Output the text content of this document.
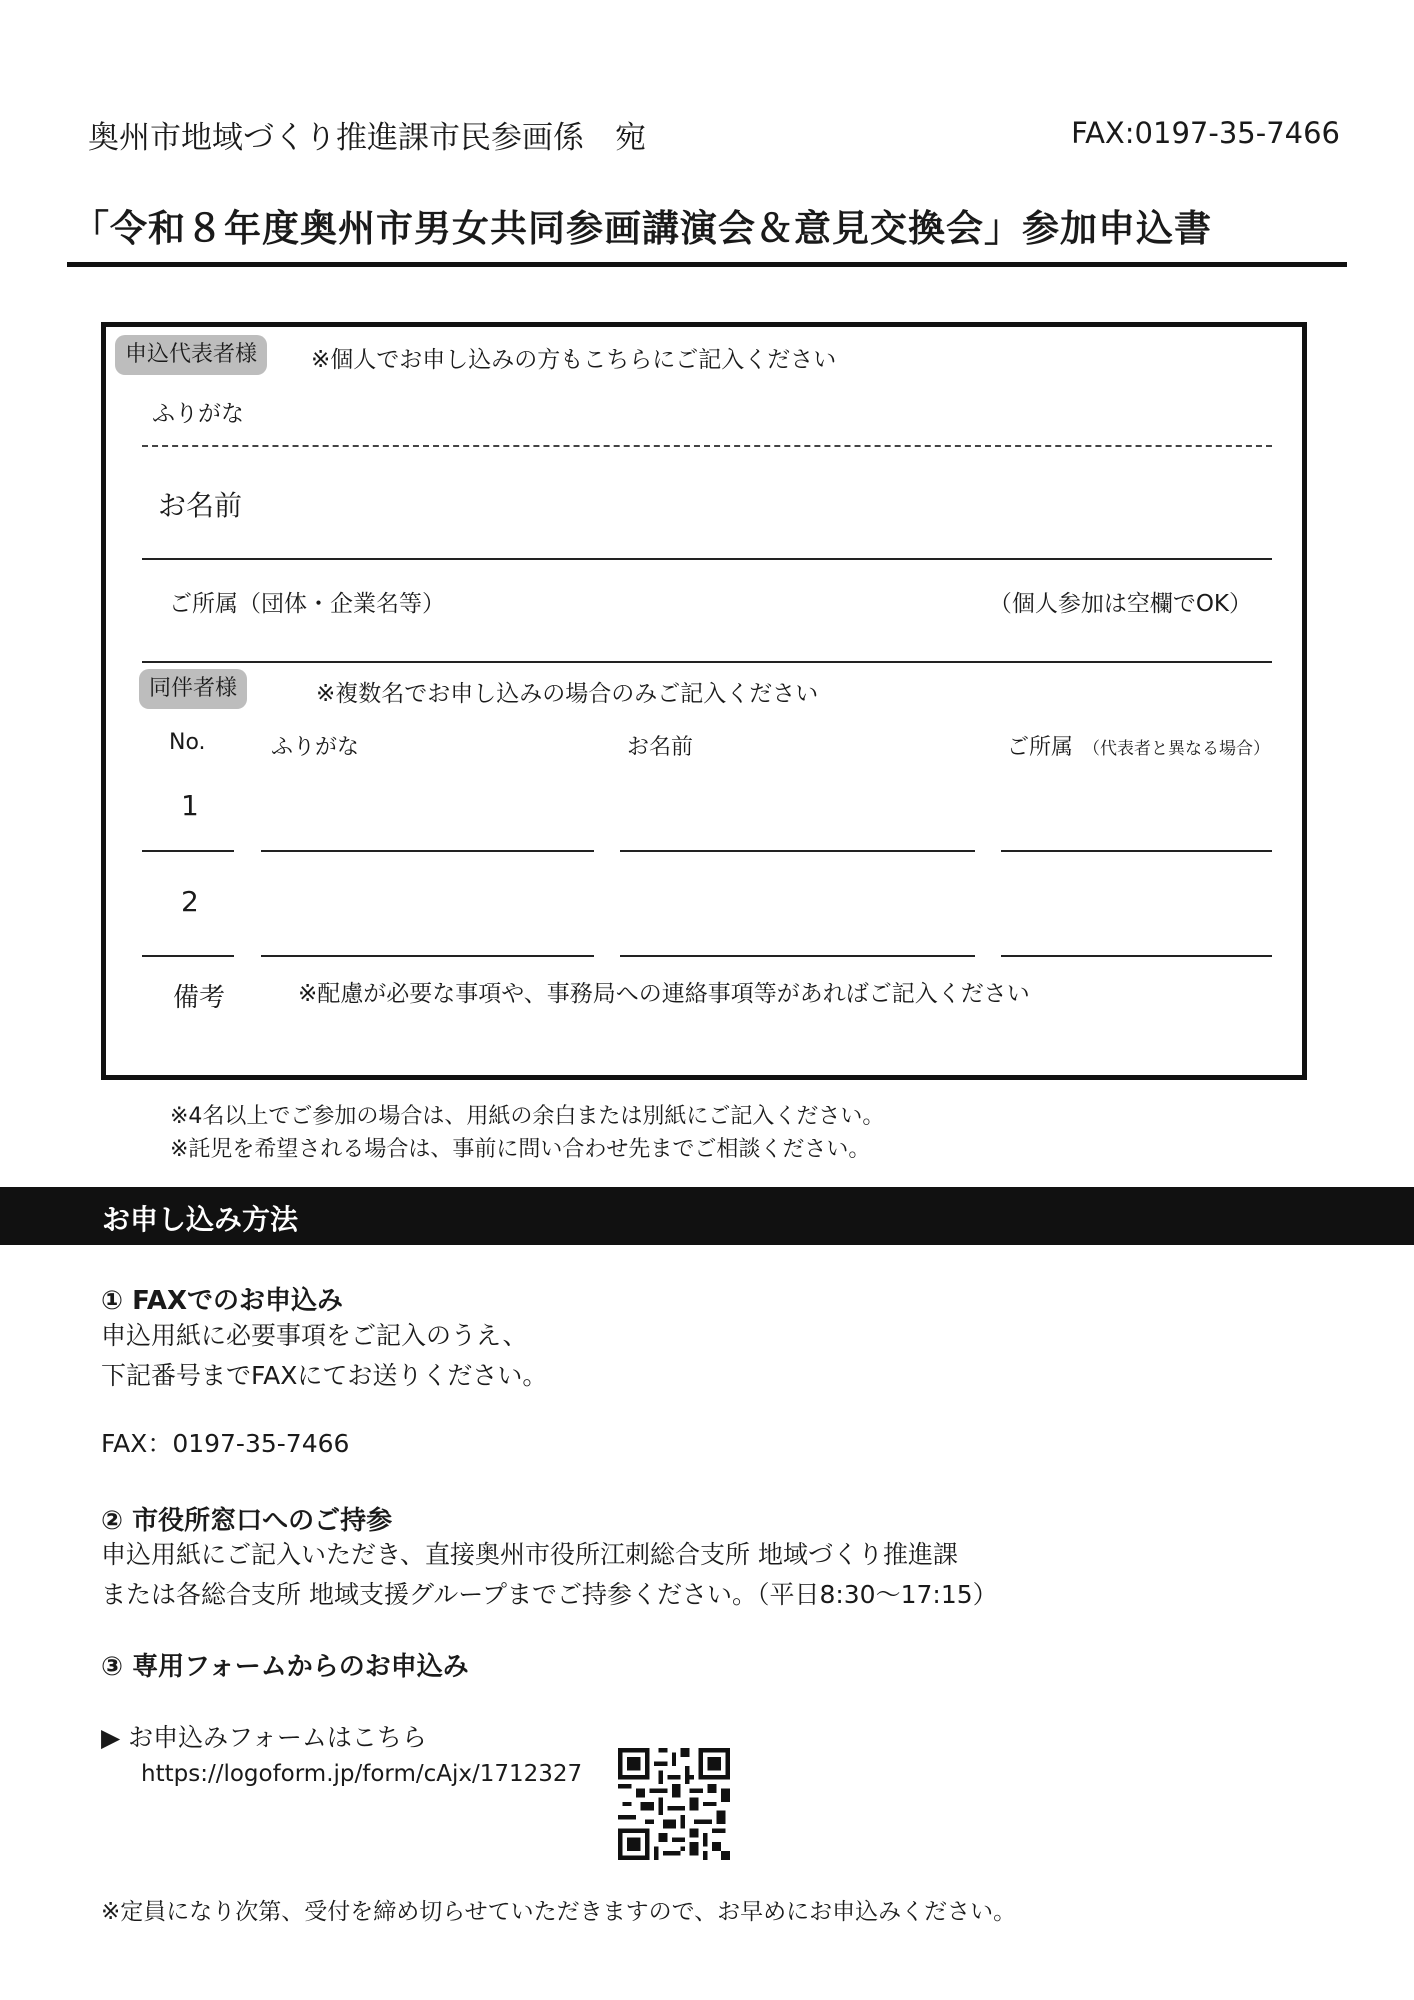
奥州市地域づくり推進課市民参画係　宛	FAX:0197-35-7466
「令和８年度奥州市男女共同参画講演会＆意見交換会」参加申込書
申込代表者様	※個人でお申し込みの方もこちらにご記入ください
ふりがな
お名前
ご所属（団体・企業名等）	（個人参加は空欄でOK）
同伴者様	※複数名でお申し込みの場合のみご記入ください
No.	ふりがな	お名前	ご所属 （代表者と異なる場合）
1
2
備考	※配慮が必要な事項や、事務局への連絡事項等があればご記入ください
※4名以上でご参加の場合は、用紙の余白または別紙にご記入ください。
※託児を希望される場合は、事前に問い合わせ先までご相談ください。
お申し込み方法
① FAXでのお申込み
申込用紙に必要事項をご記入のうえ、
下記番号までFAXにてお送りください。
FAX：0197-35-7466
② 市役所窓口へのご持参
申込用紙にご記入いただき、直接奥州市役所江刺総合支所 地域づくり推進課
または各総合支所 地域支援グループまでご持参ください。（平日8:30〜17:15）
③ 専用フォームからのお申込み
▶ お申込みフォームはこちら
https://logoform.jp/form/cAjx/1712327
※定員になり次第、受付を締め切らせていただきますので、お早めにお申込みください。
